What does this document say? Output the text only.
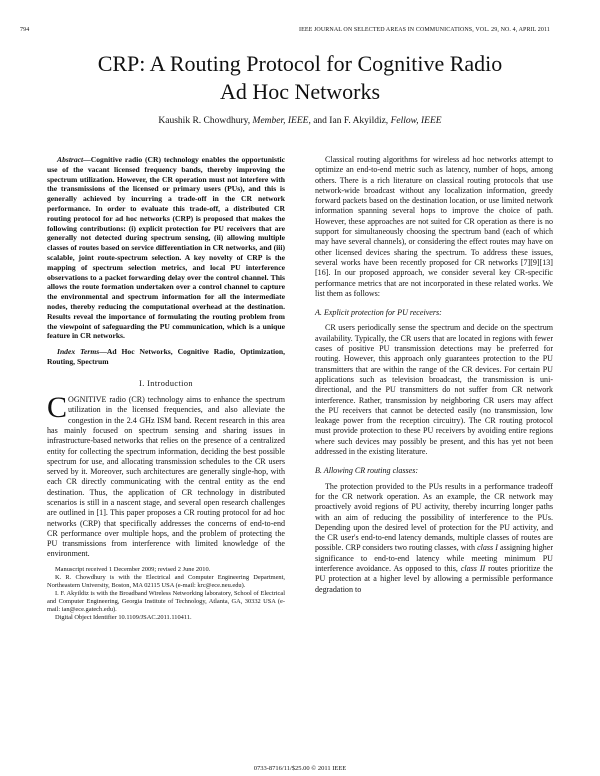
794	IEEE JOURNAL ON SELECTED AREAS IN COMMUNICATIONS, VOL. 29, NO. 4, APRIL 2011
CRP: A Routing Protocol for Cognitive Radio
Ad Hoc Networks
Kaushik R. Chowdhury, Member, IEEE, and Ian F. Akyildiz, Fellow, IEEE

Abstract—Cognitive radio (CR) technology enables the opportunistic use of the vacant licensed frequency bands, thereby improving the spectrum utilization. However, the CR operation must not interfere with the transmissions of the licensed or primary users (PUs), and this is generally achieved by incurring a trade-off in the CR network performance. In order to evaluate this trade-off, a distributed CR routing protocol for ad hoc networks (CRP) is proposed that makes the following contributions: (i) explicit protection for PU receivers that are generally not detected during spectrum sensing, (ii) allowing multiple classes of routes based on service differentiation in CR networks, and (iii) scalable, joint route-spectrum selection. A key novelty of CRP is the mapping of spectrum selection metrics, and local PU interference observations to a packet forwarding delay over the control channel. This allows the route formation undertaken over a control channel to capture the environmental and spectrum information for all the intermediate nodes, thereby reducing the computational overhead at the destination. Results reveal the importance of formulating the routing problem from the viewpoint of safeguarding the PU communication, which is a unique feature in CR networks.

Index Terms—Ad Hoc Networks, Cognitive Radio, Optimization, Routing, Spectrum

I. Introduction

COGNITIVE radio (CR) technology aims to enhance the spectrum utilization in the licensed frequencies, and also alleviate the congestion in the 2.4 GHz ISM band. Recent research in this area has mainly focused on spectrum sensing and sharing issues in infrastructure-based networks that relies on the presence of a centralized entity for collecting the spectrum information, deciding the best possible spectrum for use, and allocating transmission schedules to the CR users served by it. Moreover, such architectures are generally single-hop, with each CR directly communicating with the central entity as the end destination. Thus, the application of CR technology in distributed scenarios is still in a nascent stage, and several open research challenges are outlined in [1]. This paper proposes a CR routing protocol for ad hoc networks (CRP) that specifically addresses the concerns of end-to-end CR performance over multiple hops, and the problem of protecting the PU transmissions from interference with limited knowledge of the environment.

Manuscript received 1 December 2009; revised 2 June 2010.

K. R. Chowdhury is with the Electrical and Computer Engineering Department, Northeastern University, Boston, MA 02115 USA (e-mail: krc@ece.neu.edu).

I. F. Akyildiz is with the Broadband Wireless Networking laboratory, School of Electrical and Computer Engineering, Georgia Institute of Technology, Atlanta, GA, 30332 USA (e-mail: ian@ece.gatech.edu).

Digital Object Identifier 10.1109/JSAC.2011.110411.

Classical routing algorithms for wireless ad hoc networks attempt to optimize an end-to-end metric such as latency, number of hops, among others. There is a rich literature on classical routing protocols that use network-wide broadcast without any localization information, greedy forward packets based on the destination location, or use limited network information spanning several hops to improve the choice of path. However, these approaches are not suited for CR operation as there is no support for simultaneously choosing the spectrum band (each of which may have several channels), or considering the effect routes may have on other licensed devices sharing the spectrum. To address these issues, several works have been recently proposed for CR networks [7][9][13][16]. In our proposed approach, we consider several key CR-specific performance metrics that are not incorporated in these related works. We list them as follows:

A. Explicit protection for PU receivers:

CR users periodically sense the spectrum and decide on the spectrum availability. Typically, the CR users that are located in regions with fewer cases of positive PU transmission detections may be preferred for routing. However, this approach only guarantees protection to the PU transmitters that are within the range of the CR devices. For certain PU applications such as television broadcast, the transmission is uni-directional, and the PU transmitters do not suffer from CR network interference. Rather, transmission by neighboring CR users may affect the PU receivers that cannot be detected easily (no transmission, low leakage power from the reception circuitry). The CR routing protocol must provide protection to these PU receivers by avoiding entire regions where such devices may possibly be present, and this has yet not been addressed in the existing literature.

B. Allowing CR routing classes:

The protection provided to the PUs results in a performance tradeoff for the CR network operation. As an example, the CR network may proactively avoid regions of PU activity, thereby incurring longer paths with an aim of reducing the possibility of interference to the PUs. Depending upon the desired level of protection for the PU activity, and the CR user's end-to-end latency demands, multiple classes of routes are possible. CRP considers two routing classes, with class I assigning higher significance to end-to-end latency while meeting minimum PU interference avoidance. As opposed to this, class II routes prioritize the PU protection at a higher level by allowing a permissible performance degradation to

0733-8716/11/$25.00 © 2011 IEEE
